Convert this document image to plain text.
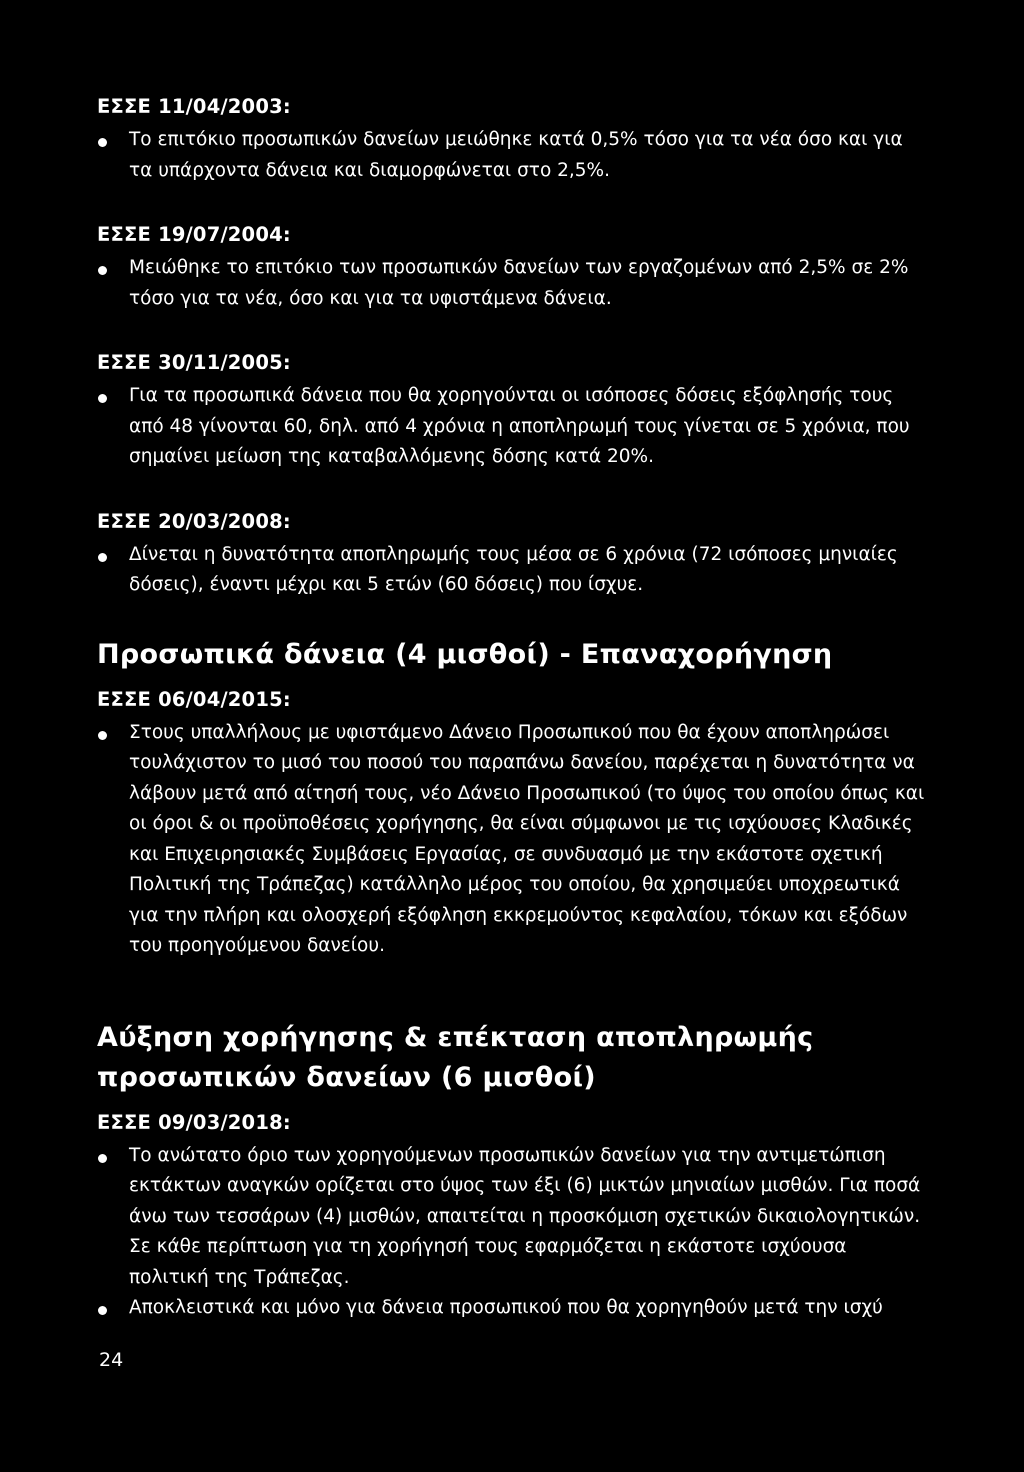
ΕΣΣΕ 11/04/2003:
Το επιτόκιο προσωπικών δανείων μειώθηκε κατά 0,5% τόσο για τα νέα όσο και για τα υπάρχοντα δάνεια και διαμορφώνεται στο 2,5%.
ΕΣΣΕ 19/07/2004:
Μειώθηκε το επιτόκιο των προσωπικών δανείων των εργαζομένων από 2,5% σε 2% τόσο για τα νέα, όσο και για τα υφιστάμενα δάνεια.
ΕΣΣΕ 30/11/2005:
Για τα προσωπικά δάνεια που θα χορηγούνται οι ισόποσες δόσεις εξόφλησής τους από 48 γίνονται 60, δηλ. από 4 χρόνια η αποπληρωμή τους γίνεται σε 5 χρόνια, που σημαίνει μείωση της καταβαλλόμενης δόσης κατά 20%.
ΕΣΣΕ 20/03/2008:
Δίνεται η δυνατότητα αποπληρωμής τους μέσα σε 6 χρόνια (72 ισόποσες μηνιαίες δόσεις), έναντι μέχρι και 5 ετών (60 δόσεις) που ίσχυε.
Προσωπικά δάνεια (4 μισθοί) - Επαναχορήγηση
ΕΣΣΕ 06/04/2015:
Στους υπαλλήλους με υφιστάμενο Δάνειο Προσωπικού που θα έχουν αποπληρώσει τουλάχιστον το μισό του ποσού του παραπάνω δανείου, παρέχεται η δυνατότητα να λάβουν μετά από αίτησή τους, νέο Δάνειο Προσωπικού (το ύψος του οποίου όπως και οι όροι & οι προϋποθέσεις χορήγησης, θα είναι σύμφωνοι με τις ισχύουσες Κλαδικές και Επιχειρησιακές Συμβάσεις Εργασίας, σε συνδυασμό με την εκάστοτε σχετική Πολιτική της Τράπεζας) κατάλληλο μέρος του οποίου, θα χρησιμεύει υποχρεωτικά για την πλήρη και ολοσχερή εξόφληση εκκρεμούντος κεφαλαίου, τόκων και εξόδων του προηγούμενου δανείου.
Αύξηση χορήγησης & επέκταση αποπληρωμής προσωπικών δανείων (6 μισθοί)
ΕΣΣΕ 09/03/2018:
Το ανώτατο όριο των χορηγούμενων προσωπικών δανείων για την αντιμετώπιση εκτάκτων αναγκών ορίζεται στο ύψος των έξι (6) μικτών μηνιαίων μισθών. Για ποσά άνω των τεσσάρων (4) μισθών, απαιτείται η προσκόμιση σχετικών δικαιολογητικών. Σε κάθε περίπτωση για τη χορήγησή τους εφαρμόζεται η εκάστοτε ισχύουσα πολιτική της Τράπεζας.
Αποκλειστικά και μόνο για δάνεια προσωπικού που θα χορηγηθούν μετά την ισχύ
24
